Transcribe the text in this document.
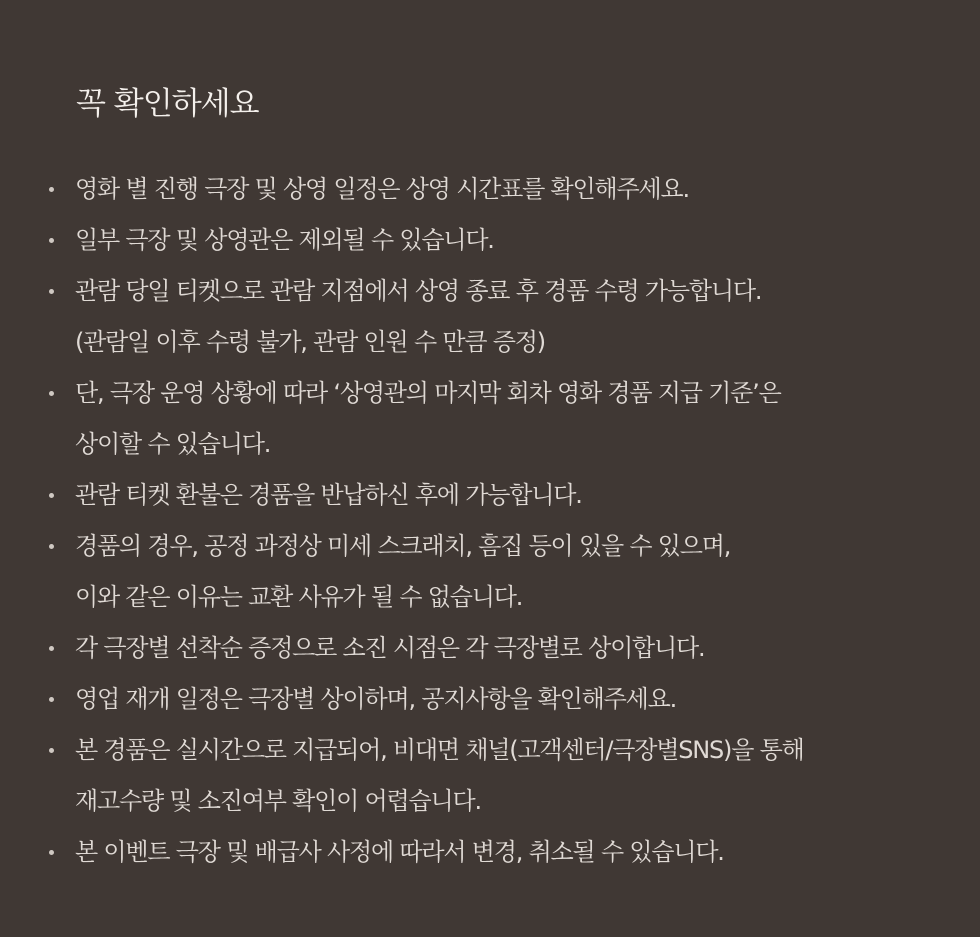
꼭 확인하세요
영화 별 진행 극장 및 상영 일정은 상영 시간표를 확인해주세요.
일부 극장 및 상영관은 제외될 수 있습니다.
관람 당일 티켓으로 관람 지점에서 상영 종료 후 경품 수령 가능합니다.
(관람일 이후 수령 불가, 관람 인원 수 만큼 증정)
단, 극장 운영 상황에 따라 ‘상영관의 마지막 회차 영화 경품 지급 기준’은
상이할 수 있습니다.
관람 티켓 환불은 경품을 반납하신 후에 가능합니다.
경품의 경우, 공정 과정상 미세 스크래치, 흠집 등이 있을 수 있으며,
이와 같은 이유는 교환 사유가 될 수 없습니다.
각 극장별 선착순 증정으로 소진 시점은 각 극장별로 상이합니다.
영업 재개 일정은 극장별 상이하며, 공지사항을 확인해주세요.
본 경품은 실시간으로 지급되어, 비대면 채널(고객센터/극장별SNS)을 통해
재고수량 및 소진여부 확인이 어렵습니다.
본 이벤트 극장 및 배급사 사정에 따라서 변경, 취소될 수 있습니다.
